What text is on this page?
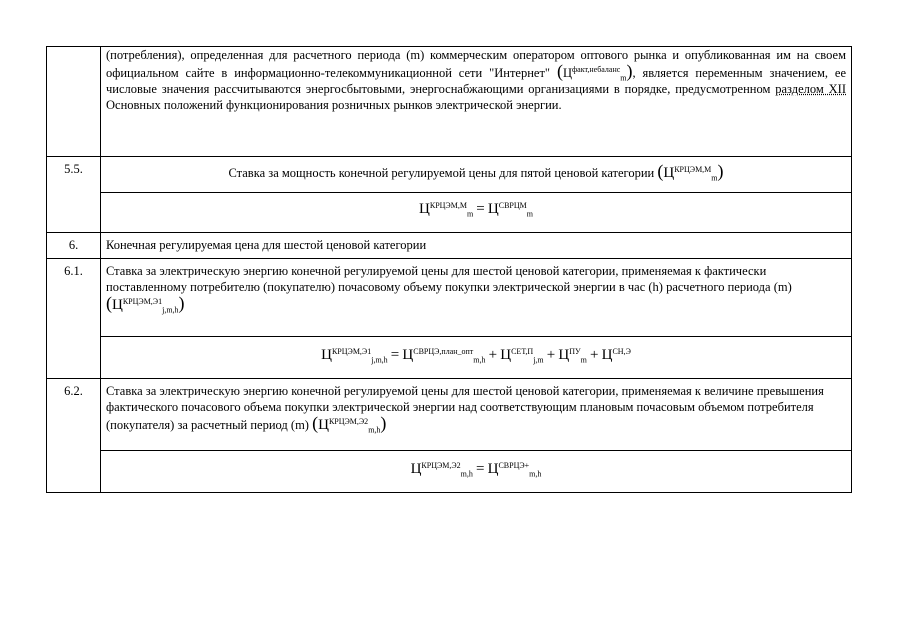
	(потребления), определенная для расчетного периода (m) коммерческим оператором оптового рынка и опубликованная им на своем официальном сайте в информационно-телекоммуникационной сети "Интернет" $(Ц^{факт,небаланс}_m)$, является переменным значением, ее числовые значения рассчитываются энергосбытовыми, энергоснабжающими организациями в порядке, предусмотренном разделом XII Основных положений функционирования розничных рынков электрической энергии.

5.5.	Ставка за мощность конечной регулируемой цены для пятой ценовой категории $(Ц^{КРЦЭМ,М}_m)$
	$Ц^{КРЦЭМ,М}_m = Ц^{СВРЦМ}_m$

6.	Конечная регулируемая цена для шестой ценовой категории

6.1.	Ставка за электрическую энергию конечной регулируемой цены для шестой ценовой категории, применяемая к фактически поставленному потребителю (покупателю) почасовому объему покупки электрической энергии в час (h) расчетного периода (m) $(Ц^{КРЦЭМ,Э1}_{j,m,h})$
	$Ц^{КРЦЭМ,Э1}_{j,m,h} = Ц^{СВРЦЭ,план\_опт}_{m,h} + Ц^{СЕТ,П}_{j,m} + Ц^{ПУ}_m + Ц^{СН,Э}$

6.2.	Ставка за электрическую энергию конечной регулируемой цены для шестой ценовой категории, применяемая к величине превышения фактического почасового объема покупки электрической энергии над соответствующим плановым почасовым объемом потребителя (покупателя) за расчетный период (m) $(Ц^{КРЦЭМ,Э2}_{m,h})$
	$Ц^{КРЦЭМ,Э2}_{m,h} = Ц^{СВРЦЭ+}_{m,h}$
